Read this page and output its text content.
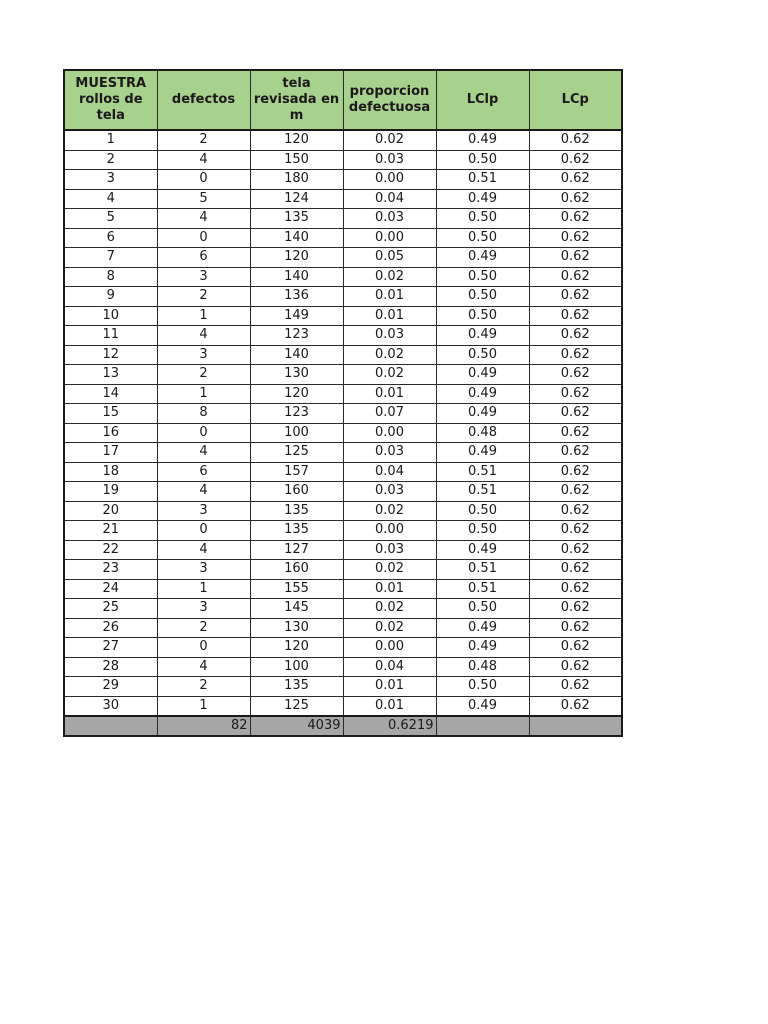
MUESTRA rollos de tela	defectos	tela revisada en m	proporcion defectuosa	LClp	LCp

1	2	120	0.02	0.49	0.62
2	4	150	0.03	0.50	0.62
3	0	180	0.00	0.51	0.62
4	5	124	0.04	0.49	0.62
5	4	135	0.03	0.50	0.62
6	0	140	0.00	0.50	0.62
7	6	120	0.05	0.49	0.62
8	3	140	0.02	0.50	0.62
9	2	136	0.01	0.50	0.62
10	1	149	0.01	0.50	0.62
11	4	123	0.03	0.49	0.62
12	3	140	0.02	0.50	0.62
13	2	130	0.02	0.49	0.62
14	1	120	0.01	0.49	0.62
15	8	123	0.07	0.49	0.62
16	0	100	0.00	0.48	0.62
17	4	125	0.03	0.49	0.62
18	6	157	0.04	0.51	0.62
19	4	160	0.03	0.51	0.62
20	3	135	0.02	0.50	0.62
21	0	135	0.00	0.50	0.62
22	4	127	0.03	0.49	0.62
23	3	160	0.02	0.51	0.62
24	1	155	0.01	0.51	0.62
25	3	145	0.02	0.50	0.62
26	2	130	0.02	0.49	0.62
27	0	120	0.00	0.49	0.62
28	4	100	0.04	0.48	0.62
29	2	135	0.01	0.50	0.62
30	1	125	0.01	0.49	0.62
	82	4039	0.6219		
